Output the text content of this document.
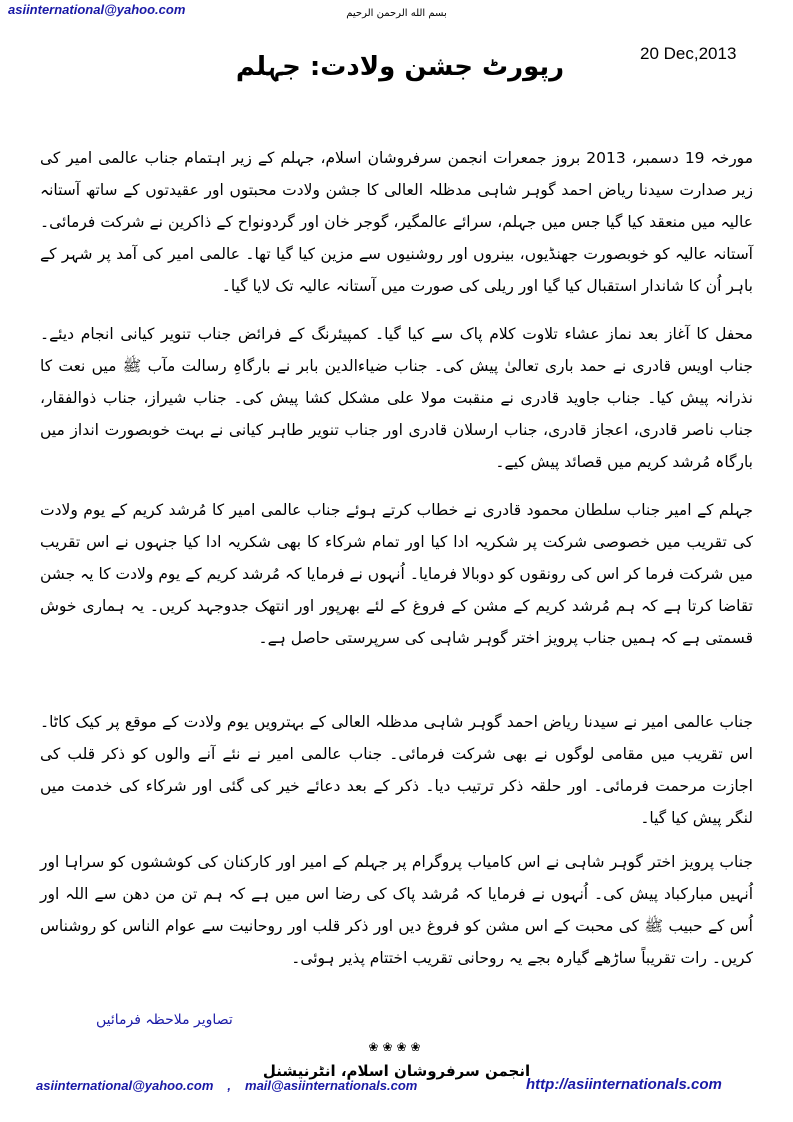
asiinternational@yahoo.com	بسم الله الرحمن الرحیم
20 Dec,2013
رپورٹ جشن ولادت: جہلم

مورخہ 19 دسمبر، 2013 بروز جمعرات انجمن سرفروشان اسلام، جہلم کے زیر اہتمام جناب عالمی امیر کی زیر صدارت سیدنا ریاض احمد گوہر شاہی مدظلہ العالی کا جشن ولادت محبتوں اور عقیدتوں کے ساتھ آستانہ عالیہ میں منعقد کیا گیا جس میں جہلم، سرائے عالمگیر، گوجر خان اور گردونواح کے ذاکرین نے شرکت فرمائی۔ آستانہ عالیہ کو خوبصورت جھنڈیوں، بینروں اور روشنیوں سے مزین کیا گیا تھا۔ عالمی امیر کی آمد پر شہر کے باہر اُن کا شاندار استقبال کیا گیا اور ریلی کی صورت میں آستانہ عالیہ تک لایا گیا۔

محفل کا آغاز بعد نماز عشاء تلاوت کلام پاک سے کیا گیا۔ کمپیئرنگ کے فرائض جناب تنویر کیانی انجام دیئے۔ جناب اویس قادری نے حمد باری تعالیٰ پیش کی۔ جناب ضیاءالدین بابر نے بارگاہِ رسالت مآب ﷺ میں نعت کا نذرانہ پیش کیا۔ جناب جاوید قادری نے منقبت مولا علی مشکل کشا پیش کی۔ جناب شیراز، جناب ذوالفقار، جناب ناصر قادری، اعجاز قادری، جناب ارسلان قادری اور جناب تنویر طاہر کیانی نے بہت خوبصورت انداز میں بارگاہ مُرشد کریم میں قصائد پیش کیے۔

جہلم کے امیر جناب سلطان محمود قادری نے خطاب کرتے ہوئے جناب عالمی امیر کا مُرشد کریم کے یوم ولادت کی تقریب میں خصوصی شرکت پر شکریہ ادا کیا اور تمام شرکاء کا بھی شکریہ ادا کیا جنہوں نے اس تقریب میں شرکت فرما کر اس کی رونقوں کو دوبالا فرمایا۔ اُنہوں نے فرمایا کہ مُرشد کریم کے یوم ولادت کا یہ جشن تقاضا کرتا ہے کہ ہم مُرشد کریم کے مشن کے فروغ کے لئے بھرپور اور انتھک جدوجہد کریں۔ یہ ہماری خوش قسمتی ہے کہ ہمیں جناب پرویز اختر گوہر شاہی کی سرپرستی حاصل ہے۔

جناب عالمی امیر نے سیدنا ریاض احمد گوہر شاہی مدظلہ العالی کے بہترویں یوم ولادت کے موقع پر کیک کاٹا۔ اس تقریب میں مقامی لوگوں نے بھی شرکت فرمائی۔ جناب عالمی امیر نے نئے آنے والوں کو ذکر قلب کی اجازت مرحمت فرمائی۔ اور حلقہ ذکر ترتیب دیا۔ ذکر کے بعد دعائے خیر کی گئی اور شرکاء کی خدمت میں لنگر پیش کیا گیا۔

جناب پرویز اختر گوہر شاہی نے اس کامیاب پروگرام پر جہلم کے امیر اور کارکنان کی کوششوں کو سراہا اور اُنہیں مبارکباد پیش کی۔ اُنہوں نے فرمایا کہ مُرشد پاک کی رضا اس میں ہے کہ ہم تن من دھن سے اللہ اور اُس کے حبیب ﷺ کی محبت کے اس مشن کو فروغ دیں اور ذکر قلب اور روحانیت سے عوام الناس کو روشناس کریں۔ رات تقریباً ساڑھے گیارہ بجے یہ روحانی تقریب اختتام پذیر ہوئی۔

تصاویر ملاحظہ فرمائیں
❀❀❀❀
انجمن سرفروشان اسلام، انٹرنیشنل
asiinternational@yahoo.com , mail@asiinternationals.com	http://asiinternationals.com
